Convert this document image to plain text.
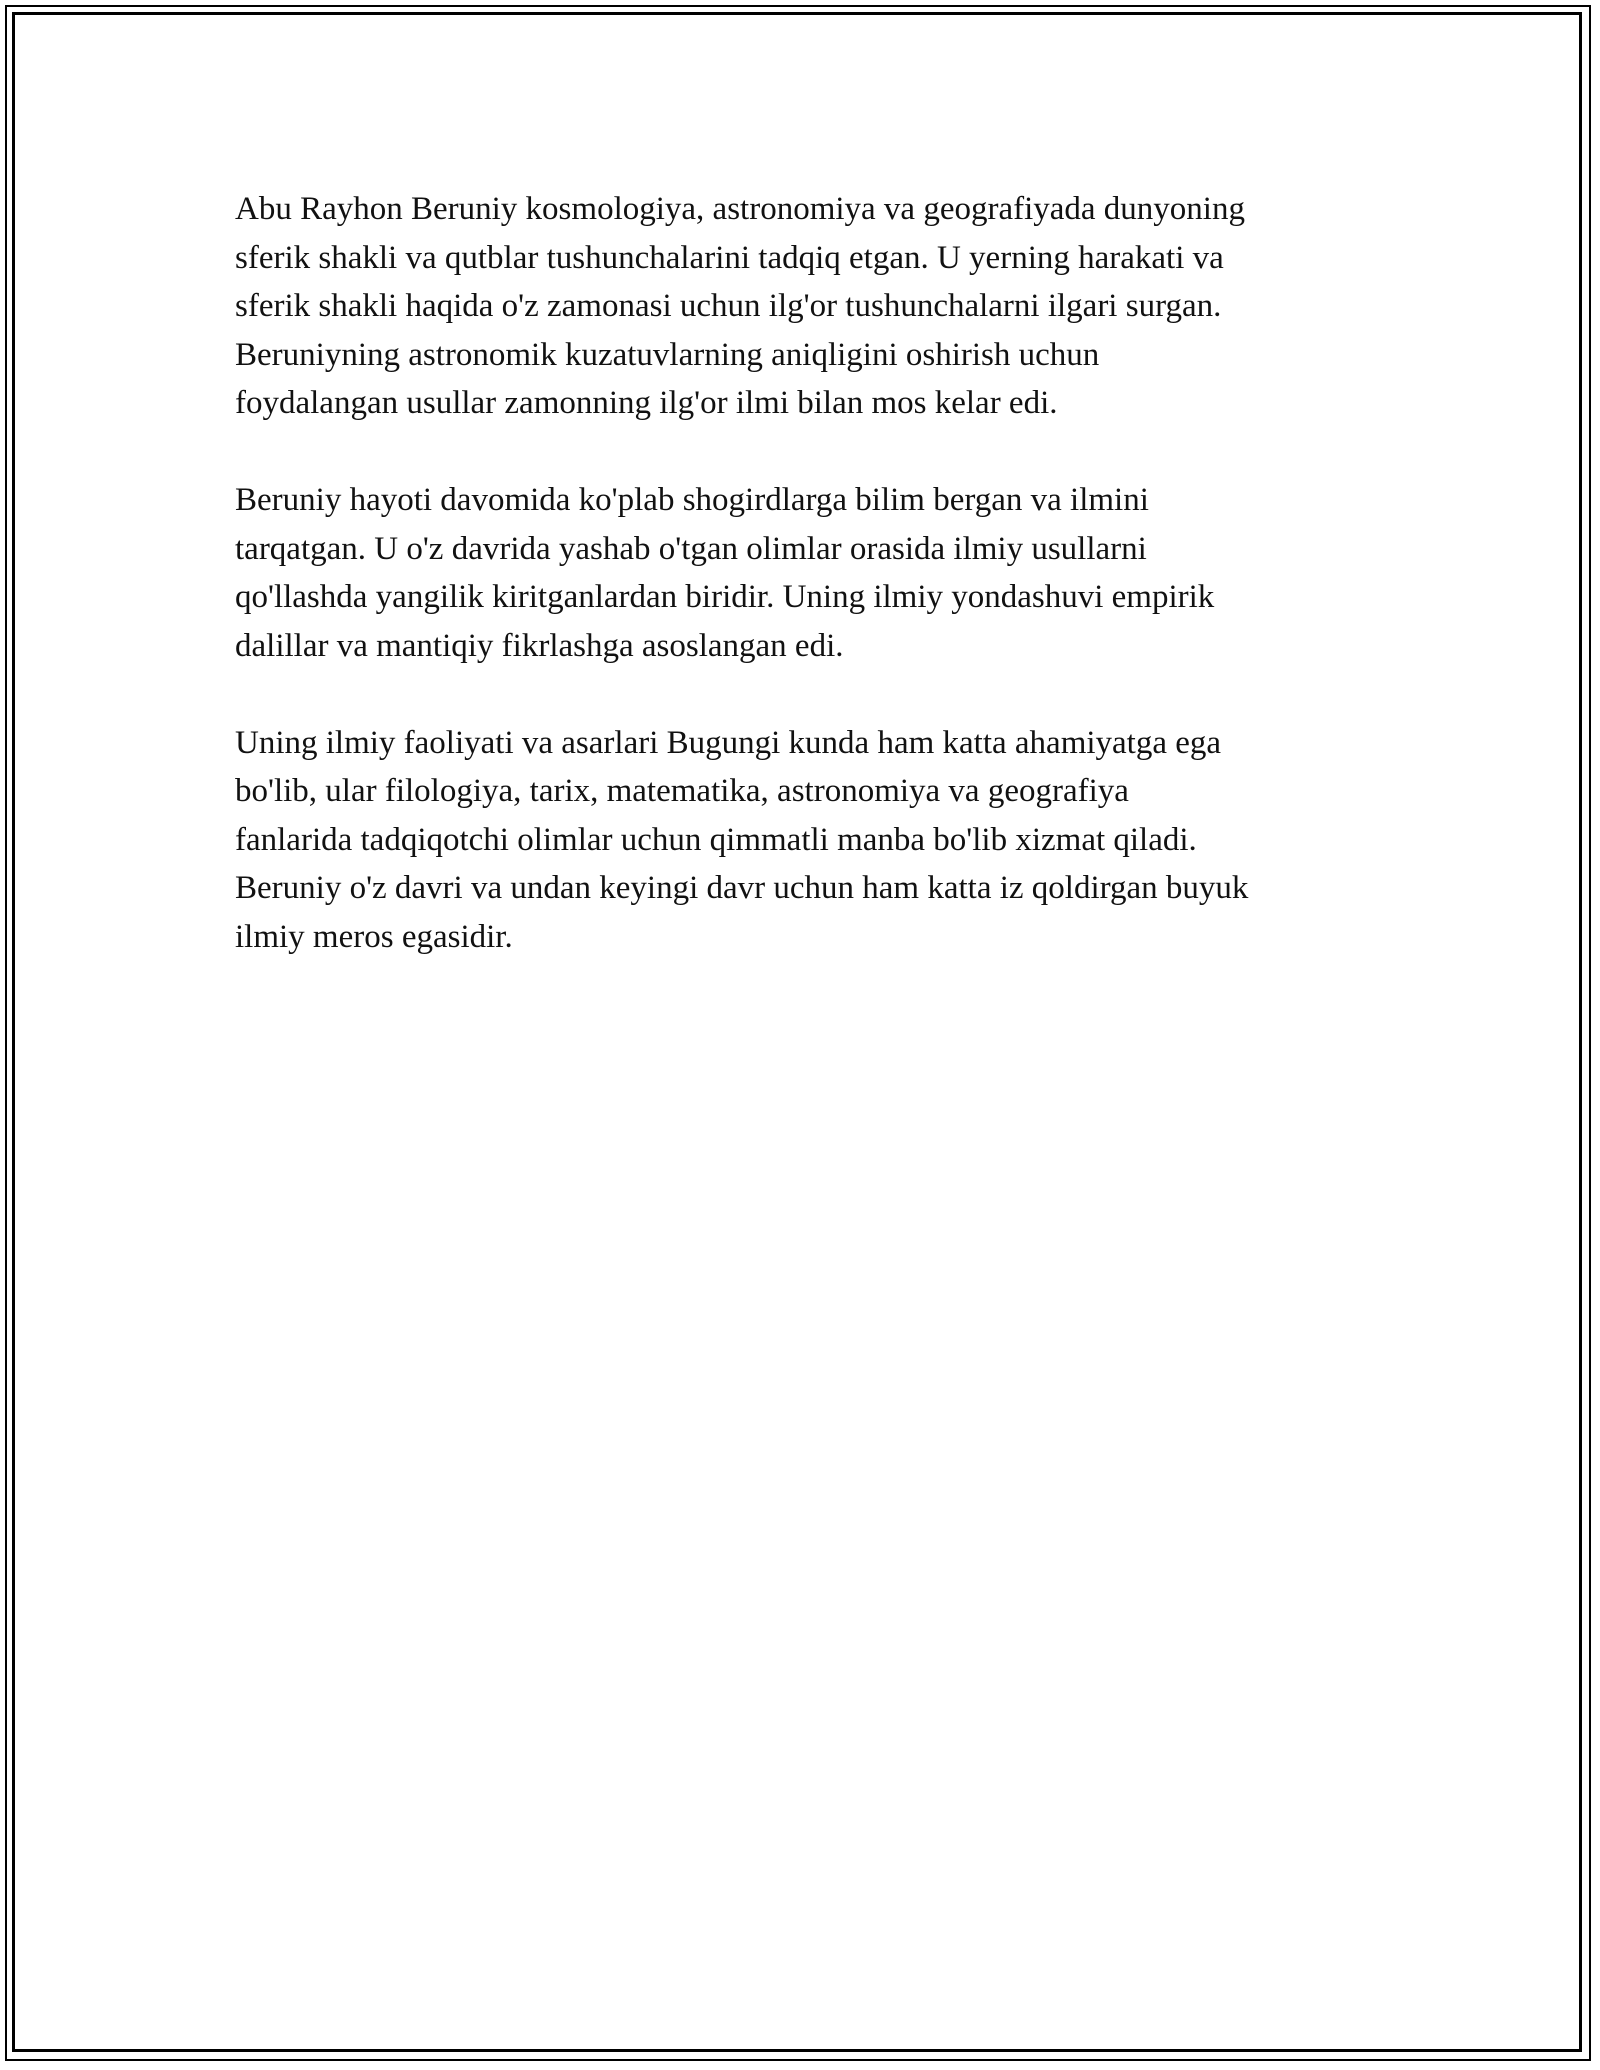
Abu Rayhon Beruniy kosmologiya, astronomiya va geografiyada dunyoning
sferik shakli va qutblar tushunchalarini tadqiq etgan. U yerning harakati va
sferik shakli haqida o'z zamonasi uchun ilg'or tushunchalarni ilgari surgan.
Beruniyning astronomik kuzatuvlarning aniqligini oshirish uchun
foydalangan usullar zamonning ilg'or ilmi bilan mos kelar edi.

Beruniy hayoti davomida ko'plab shogirdlarga bilim bergan va ilmini
tarqatgan. U o'z davrida yashab o'tgan olimlar orasida ilmiy usullarni
qo'llashda yangilik kiritganlardan biridir. Uning ilmiy yondashuvi empirik
dalillar va mantiqiy fikrlashga asoslangan edi.

Uning ilmiy faoliyati va asarlari Bugungi kunda ham katta ahamiyatga ega
bo'lib, ular filologiya, tarix, matematika, astronomiya va geografiya
fanlarida tadqiqotchi olimlar uchun qimmatli manba bo'lib xizmat qiladi.
Beruniy o'z davri va undan keyingi davr uchun ham katta iz qoldirgan buyuk
ilmiy meros egasidir.
